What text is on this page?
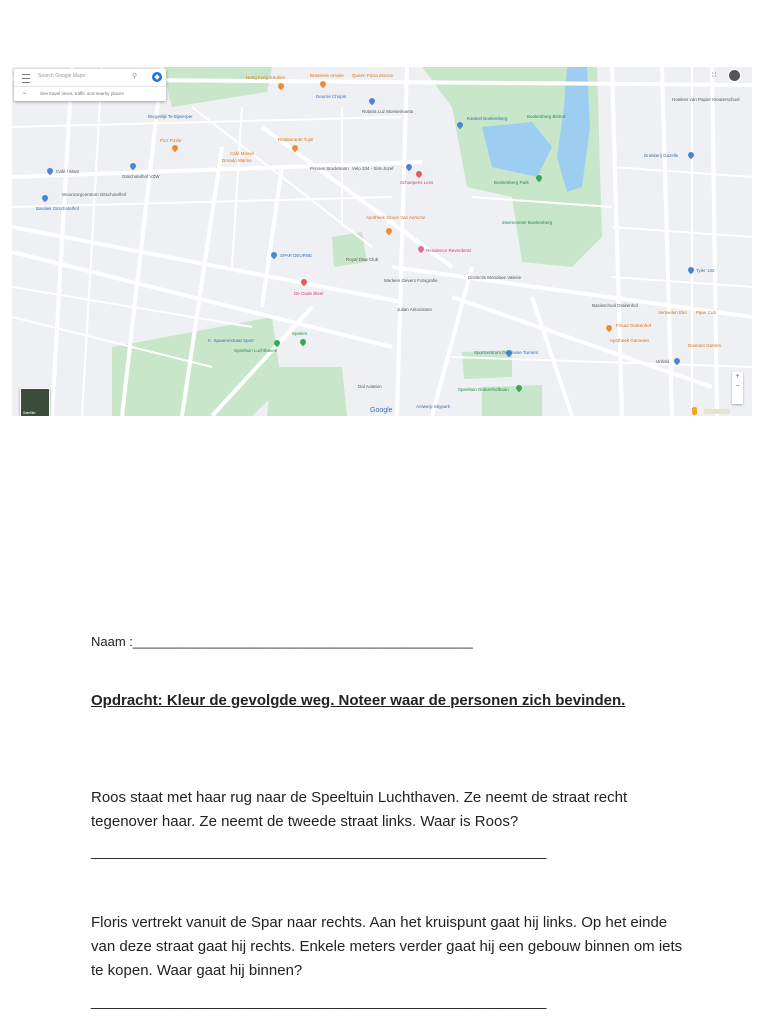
Search Google Maps	⚲
⌄	See travel times, traffic and nearby places
∷
Hong Kong Keuken	Brasserie Anvoie Queen Pizza deurne
Deurne Chopin
Rotaria Luz Monseimanta
Kasteel Boekenberg	Boekenberg Bistrot
Burgerlijk Te Bijwerper
Pizz Fizzle	Restaurante Tujiri
Café Mossé
Dorado Marine
Prinses Stockmann Velo 234 - Sint-Jozef
Schoepens Less	Boekenberg Park
Café / Mars
Gitschotelhof VZW
Woonzorgcentrum Gitschotelhof
Basiliek Gitschotelhof
Apotheek Simon Van Aersche
SPAR DEURNE
Royal Daw Club
Residence Reverdentz
Zwemcenter Boekenberg
De Oude Bleer
Marleen Gevers Fotografie
Distinctis Monobee Valerie
Julian Antonissen
Speeltuin Luchthaven
Spelers
K. Spaarnestraat Sport
Basisschool Drakenhof
Frituur Drakenhof
Apotheek Gameant
Sportcentrum Deurnese Turners
Speeltuin Drakenhofbaan
Dal Aviation
Antwerp Skypark
Hoeikes van Papier Kleuterschool
Drukkerij Gazelle
Tyler 142
Vertwelen Eko Piper Cub
Diamant Garden
Unfold
Satellite	Google
+
−
Naam :_______________________________________________
Opdracht: Kleur de gevolgde weg. Noteer waar de personen zich bevinden.
Roos staat met haar rug naar de Speeltuin Luchthaven. Ze neemt de straat recht tegenover haar. Ze neemt de tweede straat links. Waar is Roos?
__________________________________________________________
Floris vertrekt vanuit de Spar naar rechts. Aan het kruispunt gaat hij links. Op het einde van deze straat gaat hij rechts. Enkele meters verder gaat hij een gebouw binnen om iets te kopen. Waar gaat hij binnen?
__________________________________________________________
